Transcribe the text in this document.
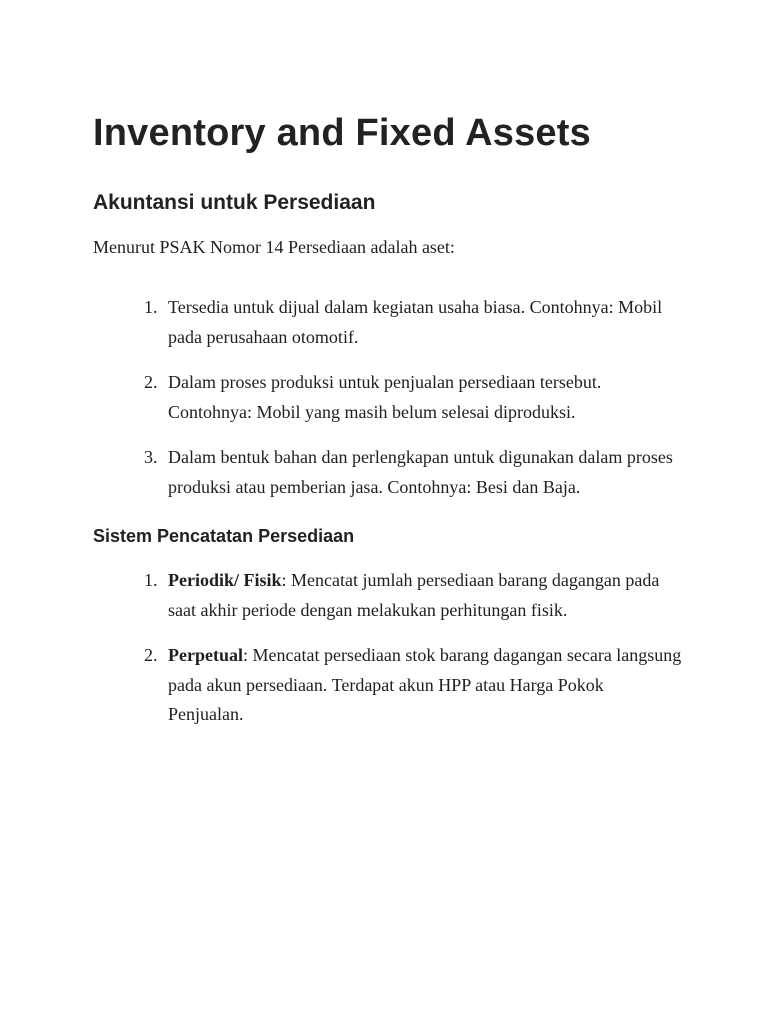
Inventory and Fixed Assets
Akuntansi untuk Persediaan

Menurut PSAK Nomor 14 Persediaan adalah aset:

1. Tersedia untuk dijual dalam kegiatan usaha biasa. Contohnya: Mobil pada perusahaan otomotif.
2. Dalam proses produksi untuk penjualan persediaan tersebut. Contohnya: Mobil yang masih belum selesai diproduksi.
3. Dalam bentuk bahan dan perlengkapan untuk digunakan dalam proses produksi atau pemberian jasa. Contohnya: Besi dan Baja.
Sistem Pencatatan Persediaan
1. Periodik/ Fisik: Mencatat jumlah persediaan barang dagangan pada saat akhir periode dengan melakukan perhitungan fisik.
2. Perpetual: Mencatat persediaan stok barang dagangan secara langsung pada akun persediaan. Terdapat akun HPP atau Harga Pokok Penjualan.
